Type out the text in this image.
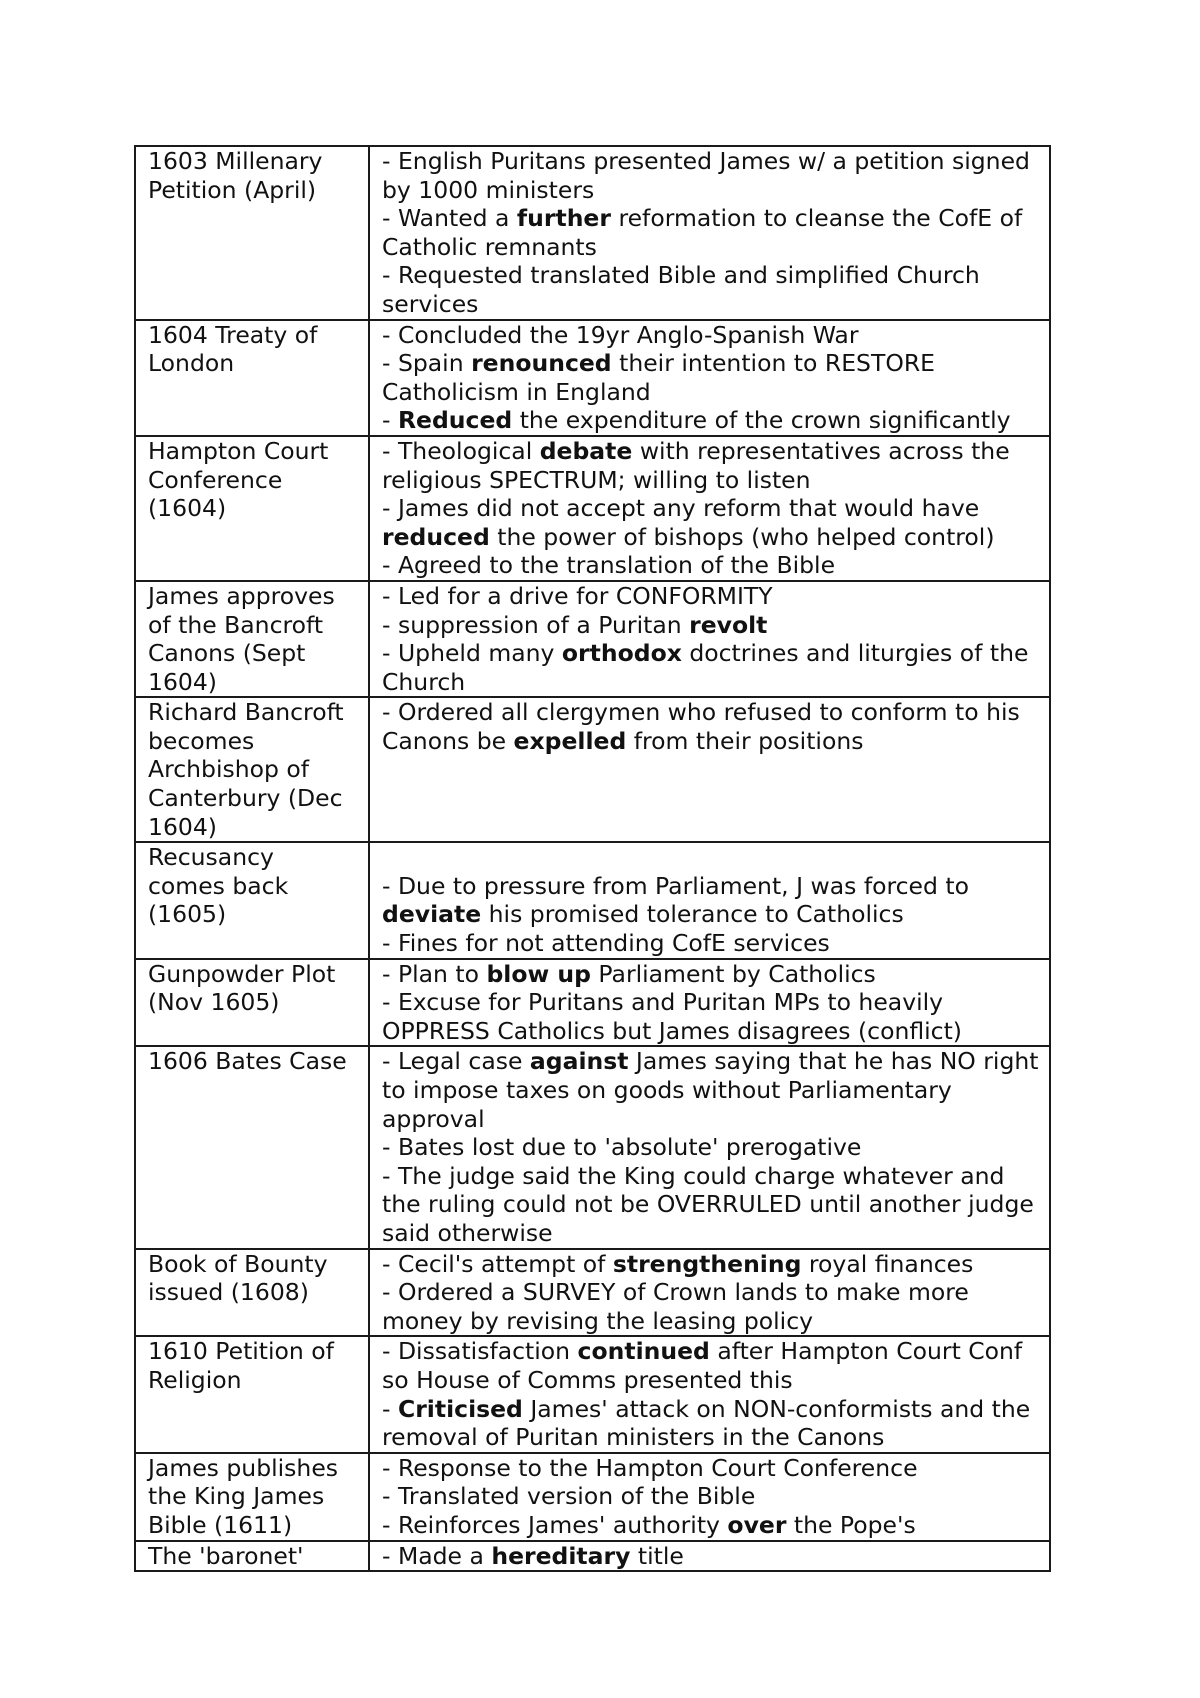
1603 Millenary Petition (April)	- English Puritans presented James w/ a petition signed by 1000 ministers
- Wanted a further reformation to cleanse the CofE of Catholic remnants
- Requested translated Bible and simplified Church services

1604 Treaty of London	- Concluded the 19yr Anglo-Spanish War
- Spain renounced their intention to RESTORE Catholicism in England
- Reduced the expenditure of the crown significantly

Hampton Court Conference (1604)	- Theological debate with representatives across the religious SPECTRUM; willing to listen
- James did not accept any reform that would have reduced the power of bishops (who helped control)
- Agreed to the translation of the Bible

James approves of the Bancroft Canons (Sept 1604)	- Led for a drive for CONFORMITY
- suppression of a Puritan revolt
- Upheld many orthodox doctrines and liturgies of the Church

Richard Bancroft becomes Archbishop of Canterbury (Dec 1604)	- Ordered all clergymen who refused to conform to his Canons be expelled from their positions

Recusancy comes back (1605)	- Due to pressure from Parliament, J was forced to deviate his promised tolerance to Catholics
- Fines for not attending CofE services

Gunpowder Plot (Nov 1605)	- Plan to blow up Parliament by Catholics
- Excuse for Puritans and Puritan MPs to heavily OPPRESS Catholics but James disagrees (conflict)

1606 Bates Case	- Legal case against James saying that he has NO right to impose taxes on goods without Parliamentary approval
- Bates lost due to 'absolute' prerogative
- The judge said the King could charge whatever and the ruling could not be OVERRULED until another judge said otherwise

Book of Bounty issued (1608)	- Cecil's attempt of strengthening royal finances
- Ordered a SURVEY of Crown lands to make more money by revising the leasing policy

1610 Petition of Religion	- Dissatisfaction continued after Hampton Court Conf so House of Comms presented this
- Criticised James' attack on NON-conformists and the removal of Puritan ministers in the Canons

James publishes the King James Bible (1611)	- Response to the Hampton Court Conference
- Translated version of the Bible
- Reinforces James' authority over the Pope's

The 'baronet'	- Made a hereditary title
